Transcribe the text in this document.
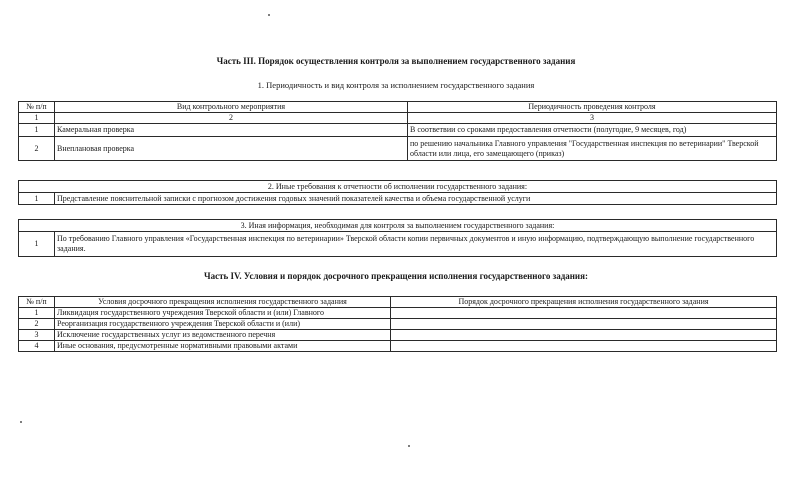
Часть III. Порядок осуществления контроля за выполнением государственного задания
1. Периодичность и вид контроля за исполнением государственного задания
№ п/п	Вид контрольного мероприятия	Периодичность проведения контроля
1	2	3
1	Камеральная проверка	В соответвии со сроками предоставления отчетности (полугодие, 9 месяцев, год)
2	Внеплановая проверка	по решению начальника Главного управления "Государственная инспекция по ветеринарии" Тверской области или лица, его замещающего (приказ)
2. Иные требования к отчетности об исполнении государственного задания:
1	Представление пояснительной записки с прогнозом достижения годовых значений показателей качества и объема государственной услуги
3. Иная информация, необходимая для контроля за выполнением государственного задания:
1	По требованию Главного управления «Государственная инспекция по ветеринарии» Тверской области копии первичных документов и иную информацию, подтверждающую выполнение государственного задания.
Часть IV. Условия и порядок досрочного прекращения исполнения государственного задания:
№ п/п	Условия досрочного прекращения исполнения государственного задания	Порядок досрочного прекращения исполнения государственного задания
1	Ликвидация государственного учреждения Тверской области и (или) Главного	
2	Реорганизация государственного учреждения Тверской области и (или)	
3	Исключение государственных услуг из ведомственного перечня	
4	Иные основания, предусмотренные нормативными правовыми актами	
